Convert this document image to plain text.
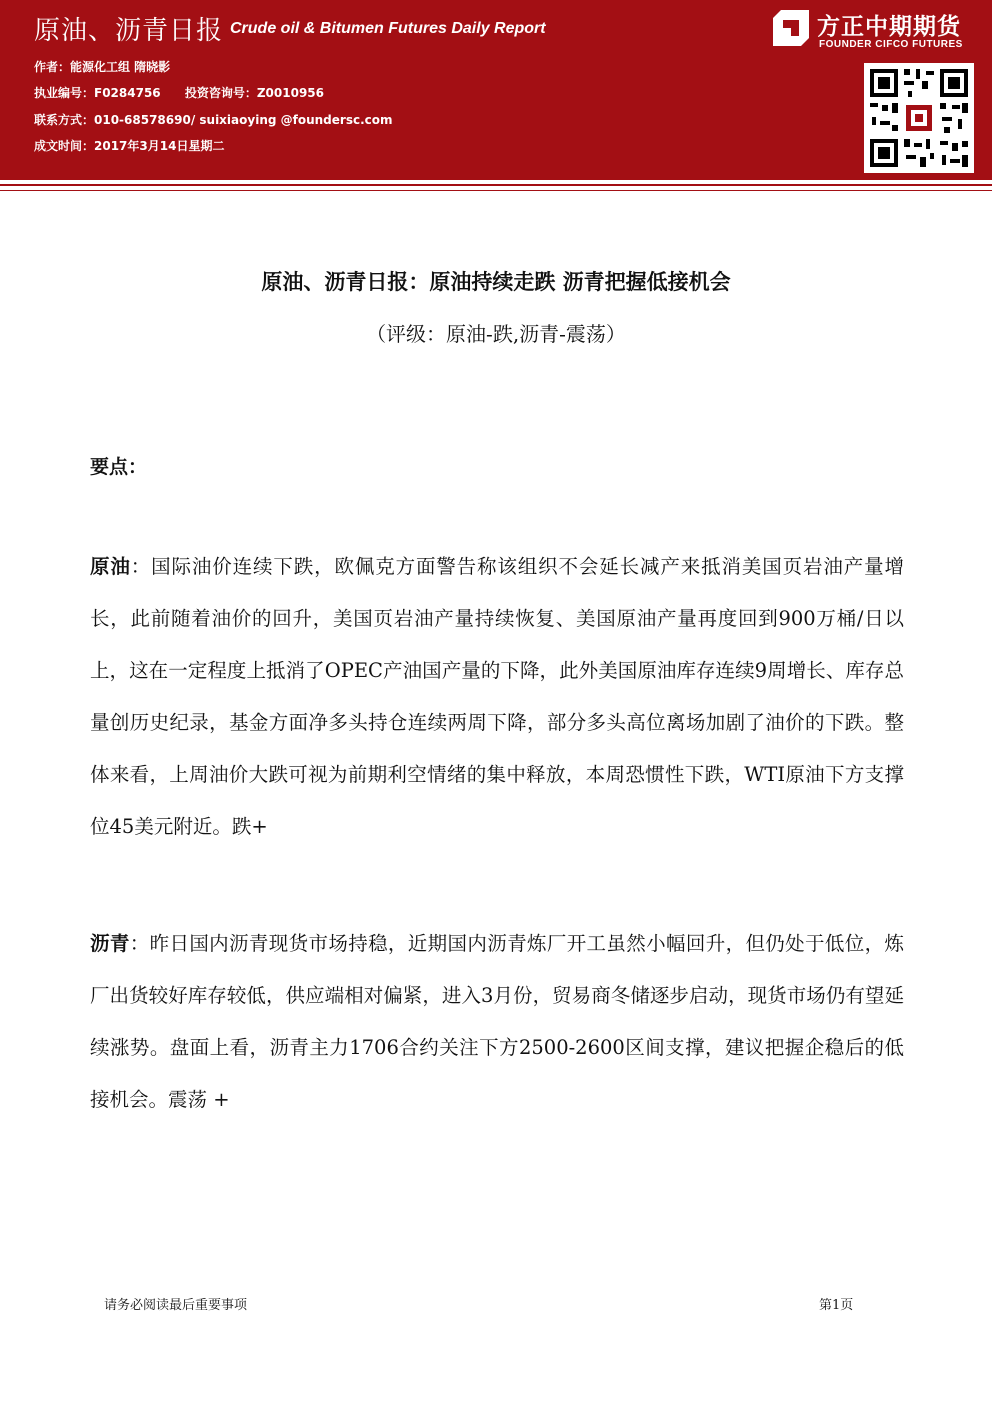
原油、沥青日报 Crude oil & Bitumen Futures Daily Report
作者：能源化工组 隋晓影
执业编号：F0284756 投资咨询号：Z0010956
联系方式：010-68578690/ suixiaoying @foundersc.com
成文时间：2017年3月14日星期二
方正中期期货
FOUNDER CIFCO FUTURES
原油、沥青日报：原油持续走跌 沥青把握低接机会
（评级：原油-跌,沥青-震荡）
要点：
原油：国际油价连续下跌，欧佩克方面警告称该组织不会延长减产来抵消美国页岩油产量增长，此前随着油价的回升，美国页岩油产量持续恢复、美国原油产量再度回到900万桶/日以上，这在一定程度上抵消了OPEC产油国产量的下降，此外美国原油库存连续9周增长、库存总量创历史纪录，基金方面净多头持仓连续两周下降，部分多头高位离场加剧了油价的下跌。整体来看，上周油价大跌可视为前期利空情绪的集中释放，本周恐惯性下跌，WTI原油下方支撑位45美元附近。跌+
沥青：昨日国内沥青现货市场持稳，近期国内沥青炼厂开工虽然小幅回升，但仍处于低位，炼厂出货较好库存较低，供应端相对偏紧，进入3月份，贸易商冬储逐步启动，现货市场仍有望延续涨势。盘面上看，沥青主力1706合约关注下方2500-2600区间支撑，建议把握企稳后的低接机会。震荡 +
请务必阅读最后重要事项	第1页
